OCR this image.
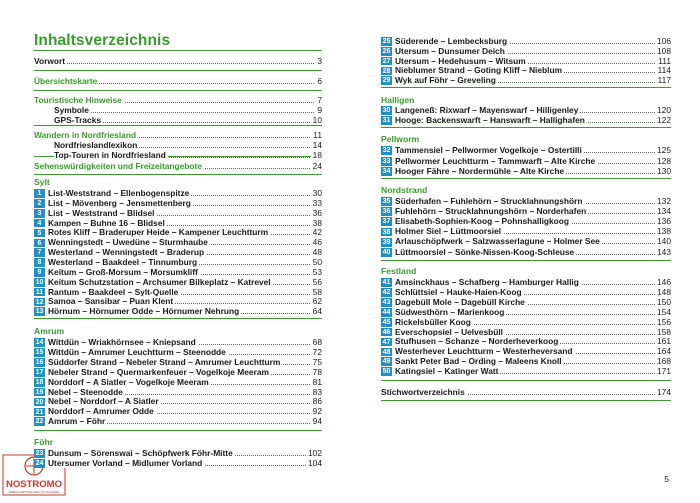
Inhaltsverzeichnis
Vorwort	3
Übersichtskarte	6
Touristische Hinweise	7
Symbole	9
GPS-Tracks	10
Wandern in Nordfriesland	11
Nordfrieslandlexikon	14
Top-Touren in Nordfriesland	18
Sehenswürdigkeiten und Freizeitangebote	24
Sylt
1 List-Weststrand – Ellenbogenspitze	30
2 List – Mövenberg – Jensmettenberg	33
3 List – Weststrand – Blidsel	36
4 Kampen – Buhne 16 – Blidsel	38
5 Rotes Kliff – Braderuper Heide – Kampener Leuchtturm	42
6 Wenningstedt – Uwedüne – Sturmhaube	46
7 Westerland – Wenningstedt – Braderup	48
8 Westerland – Baakdeel – Tinnumburg	50
9 Keitum – Groß-Morsum – Morsumkliff	53
10 Keitum Schutzstation – Archsumer Bilkeplatz – Katrevel	56
11 Rantum – Baakdeel – Sylt-Quelle	58
12 Samoa – Sansibar – Puan Klent	62
13 Hörnum – Hörnumer Odde – Hörnumer Nehrung	64
Amrum
14 Wittdün – Wriakhörnsee – Kniepsand	68
15 Wittdün – Amrumer Leuchtturm – Steenodde	72
16 Süddorfer Strand – Nebeler Strand – Amrumer Leuchtturm	75
17 Nebeler Strand – Quermarkenfeuer – Vogelkoje Meeram	78
18 Norddorf – A Siatler – Vogelkoje Meeram	81
19 Nebel – Steenodde	83
20 Nebel – Norddorf – A Siatler	86
21 Norddorf – Amrumer Odde	92
22 Amrum – Föhr	94
Föhr
23 Dunsum – Sörenswai – Schöpfwerk Föhr-Mitte	102
24 Utersumer Vorland – Midlumer Vorland	104
25 Süderende – Lembecksburg	106
26 Utersum – Dunsumer Deich	108
27 Utersum – Hedehusum – Witsum	111
28 Nieblumer Strand – Goting Kliff – Nieblum	114
29 Wyk auf Föhr – Greveling	117
Halligen
30 Langeneß: Rixwarf – Mayenswarf – Hilligenley	120
31 Hooge: Backenswarft – Hanswarft – Hallighafen	122
Pellworm
32 Tammensiel – Pellwormer Vogelkoje – Ostertilli	125
33 Pellwormer Leuchtturm – Tammwarft – Alte Kirche	128
34 Hooger Fähre – Nordermühle – Alte Kirche	130
Nordstrand
35 Süderhafen – Fuhlehörn – Strucklahnungshörn	132
36 Fuhlehörn – Strucklahnungshörn – Norderhafen	134
37 Elisabeth-Sophien-Koog – Pohnshalligkoog	136
38 Holmer Siel – Lüttmoorsiel	138
39 Arlauschöpfwerk – Salzwasserlagune – Holmer See	140
40 Lüttmoorsiel – Sönke-Nissen-Koog-Schleuse	143
Festland
41 Amsinckhaus – Schafberg – Hamburger Hallig	146
42 Schlüttsiel – Hauke-Haien-Koog	148
43 Dagebüll Mole – Dagebüll Kirche	150
44 Südwesthörn – Marienkoog	154
45 Rickelsbüller Koog	156
46 Everschopsiel – Uelvesbüll	158
47 Stufhusen – Schanze – Norderheverkoog	161
48 Westerhever Leuchtturm – Westerheversand	164
49 Sankt Peter Bad – Ording – Maleens Knoll	168
50 Katingsiel – Katinger Watt	171
Stichwortverzeichnis	174
5
NOSTROMO
WEB-KOMPTOIR DER VOYAGEURE
